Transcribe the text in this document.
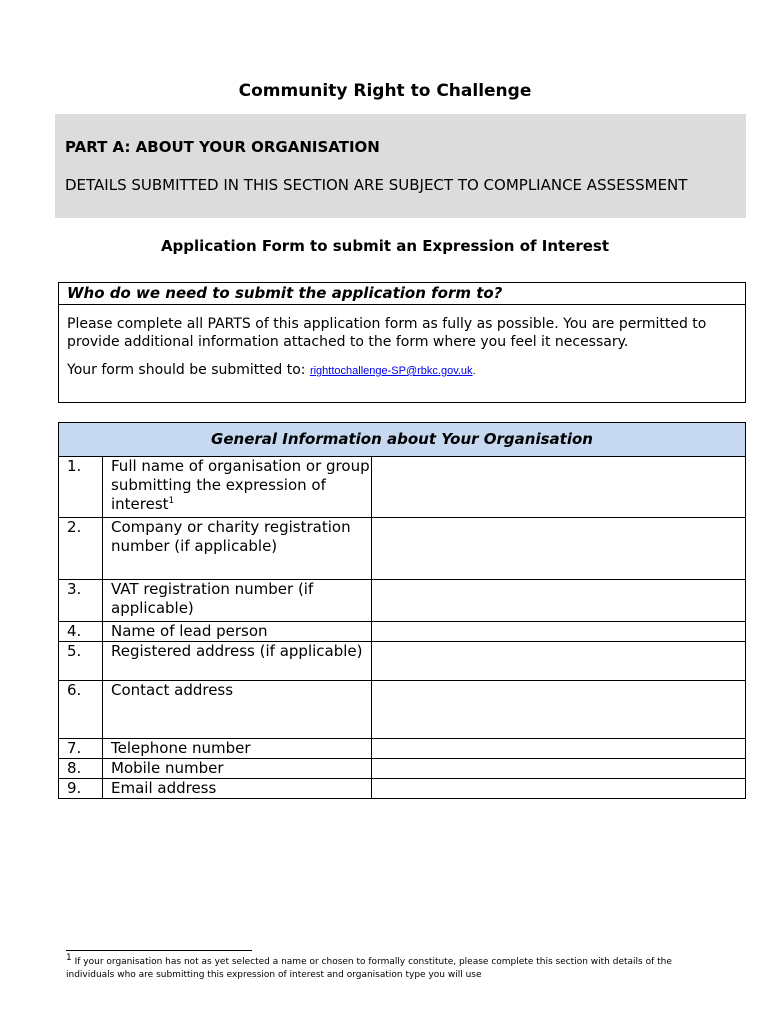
Community Right to Challenge
PART A: ABOUT YOUR ORGANISATION
DETAILS SUBMITTED IN THIS SECTION ARE SUBJECT TO COMPLIANCE ASSESSMENT
Application Form to submit an Expression of Interest
Who do we need to submit the application form to?

Please complete all PARTS of this application form as fully as possible. You are permitted to provide additional information attached to the form where you feel it necessary.

Your form should be submitted to: righttochallenge-SP@rbkc.gov.uk.

General Information about Your Organisation		
1.	Full name of organisation or group submitting the expression of interest$^1$	
2.	Company or charity registration number (if applicable)	
3.	VAT registration number (if applicable)	
4.	Name of lead person	
5.	Registered address (if applicable)	
6.	Contact address	
7.	Telephone number	
8.	Mobile number	
9.	Email address	
$^1$ If your organisation has not as yet selected a name or chosen to formally constitute, please complete this section with details of the individuals who are submitting this expression of interest and organisation type you will use
